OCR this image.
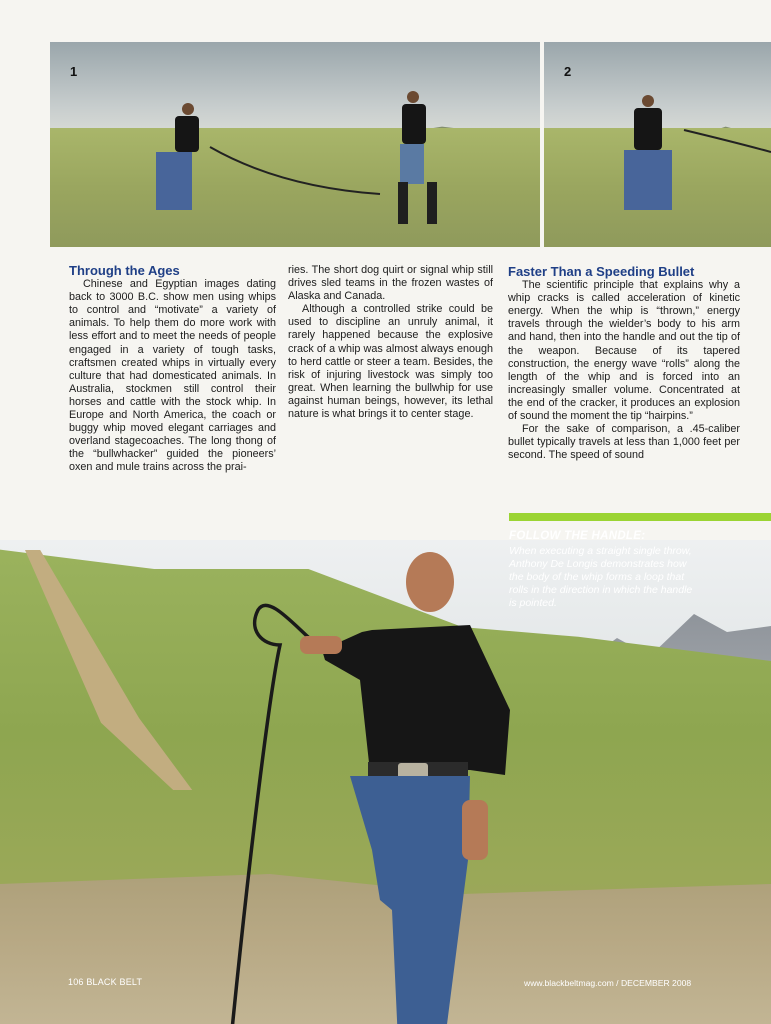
1	2
Through the Ages

Chinese and Egyptian images dating back to 3000 B.C. show men using whips to control and “motivate” a variety of animals. To help them do more work with less effort and to meet the needs of people engaged in a variety of tough tasks, craftsmen created whips in virtually every culture that had domesticated animals. In Australia, stockmen still control their horses and cattle with the stock whip. In Europe and North America, the coach or buggy whip moved elegant carriages and overland stagecoaches. The long thong of the “bullwhacker” guided the pioneers’ oxen and mule trains across the prai-

ries. The short dog quirt or signal whip still drives sled teams in the frozen wastes of Alaska and Canada.

Although a controlled strike could be used to discipline an unruly animal, it rarely happened because the explosive crack of a whip was almost always enough to herd cattle or steer a team. Besides, the risk of injuring livestock was simply too great. When learning the bullwhip for use against human beings, however, its lethal nature is what brings it to center stage.

Faster Than a Speeding Bullet

The scientific principle that explains why a whip cracks is called acceleration of kinetic energy. When the whip is “thrown,” energy travels through the wielder’s body to his arm and hand, then into the handle and out the tip of the weapon. Because of its tapered construction, the energy wave “rolls” along the length of the whip and is forced into an increasingly smaller volume. Concentrated at the end of the cracker, it produces an explosion of sound the moment the tip “hairpins.”

For the sake of comparison, a .45-caliber bullet typically travels at less than 1,000 feet per second. The speed of sound

FOLLOW THE HANDLE:
When executing a straight single throw, Anthony De Longis demonstrates how the body of the whip forms a loop that rolls in the direction in which the handle is pointed.
106 BLACK BELT	www.blackbeltmag.com / DECEMBER 2008
